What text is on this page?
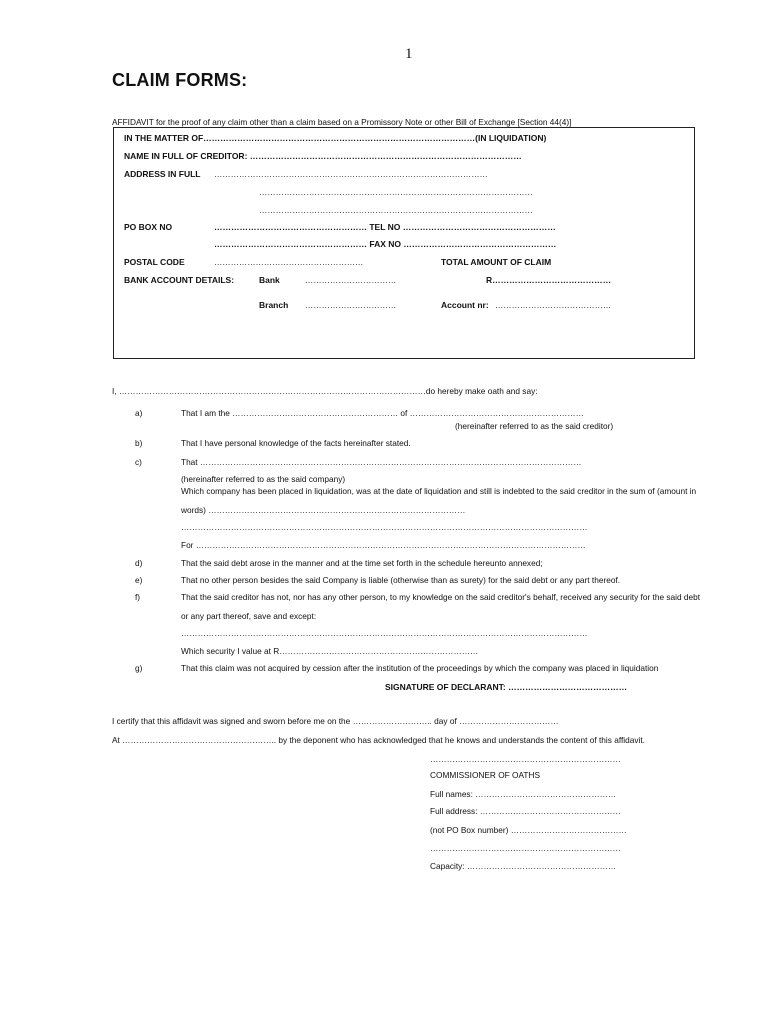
1
CLAIM FORMS:
AFFIDAVIT for the proof of any claim other than a claim based on a Promissory Note or other Bill of Exchange [Section 44(4)]
IN THE MATTER OF……………………………………………………………………………………(IN LIQUIDATION)
NAME IN FULL OF CREDITOR: ……………………………………………………………………………………
ADDRESS IN FULL ………………………………………………………………………………………
………………………………………………………………………………………
………………………………………………………………………………………
PO BOX NO	……………………………………………… TEL NO ………………………………………………
……………………………………………… FAX NO ………………………………………………
POSTAL CODE	………………………………………………	TOTAL AMOUNT OF CLAIM
BANK ACCOUNT DETAILS:	Bank	……………………………	R……………………………………
Branch ……………………………	Account nr: ……………………………………
I, …………………………………………………………………………………………………do hereby make oath and say:
a)	That I am the …………………………………………………… of ………………………………………………………
(hereinafter referred to as the said creditor)
b)	That I have personal knowledge of the facts hereinafter stated.
c)	That …………………………………………………………………………………………………………………………
(hereinafter referred to as the said company)
Which company has been placed in liquidation, was at the date of liquidation and still is indebted to the said creditor in the sum of (amount in
words) …………………………………………………………………………………
…………………………………………………………………………………………………………………………………
For ……………………………………………………………………………………………………………………………
d)	That the said debt arose in the manner and at the time set forth in the schedule hereunto annexed;
e)	That no other person besides the said Company is liable (otherwise than as surety) for the said debt or any part thereof.
f)	That the said creditor has not, nor has any other person, to my knowledge on the said creditor's behalf, received any security for the said debt
or any part thereof, save and except:
…………………………………………………………………………………………………………………………………
Which security I value at R………………………………………………………………
g)	That this claim was not acquired by cession after the institution of the proceedings by which the company was placed in liquidation
SIGNATURE OF DECLARANT: ……………………………………
I certify that this affidavit was signed and sworn before me on the ……………………….. day of ………………………………
At ……………………………………………….. by the deponent who has acknowledged that he knows and understands the content of this affidavit.
……………………………………………………………
COMMISSIONER OF OATHS
Full names: ……………………………………………
Full address: ……………………………………………
(not PO Box number) ……………………………………
……………………………………………………………
Capacity: ………………………………………………
